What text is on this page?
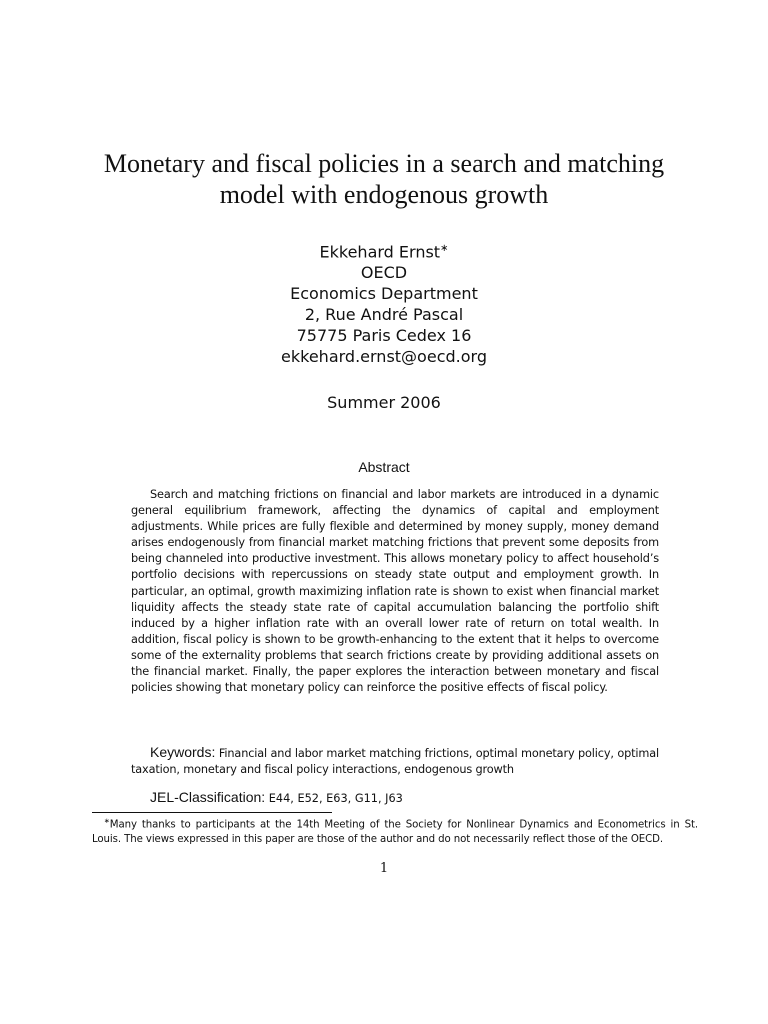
Monetary and fiscal policies in a search and matching
model with endogenous growth
Ekkehard Ernst∗
OECD
Economics Department
2, Rue André Pascal
75775 Paris Cedex 16
ekkehard.ernst@oecd.org
Summer 2006
Abstract

Search and matching frictions on financial and labor markets are introduced in a dynamic general equilibrium framework, affecting the dynamics of capital and employment adjustments. While prices are fully flexible and determined by money supply, money demand arises endogenously from financial market matching frictions that prevent some deposits from being channeled into productive investment. This allows monetary policy to affect household’s portfolio decisions with repercussions on steady state output and employment growth. In particular, an optimal, growth maximizing inflation rate is shown to exist when financial market liquidity affects the steady state rate of capital accumulation balancing the portfolio shift induced by a higher inflation rate with an overall lower rate of return on total wealth. In addition, fiscal policy is shown to be growth-enhancing to the extent that it helps to overcome some of the externality problems that search frictions create by providing additional assets on the financial market. Finally, the paper explores the interaction between monetary and fiscal policies showing that monetary policy can reinforce the positive effects of fiscal policy.

Keywords: Financial and labor market matching frictions, optimal monetary policy, optimal taxation, monetary and fiscal policy interactions, endogenous growth

JEL-Classification: E44, E52, E63, G11, J63

∗Many thanks to participants at the 14th Meeting of the Society for Nonlinear Dynamics and Econometrics in St. Louis. The views expressed in this paper are those of the author and do not necessarily reflect those of the OECD.

1
